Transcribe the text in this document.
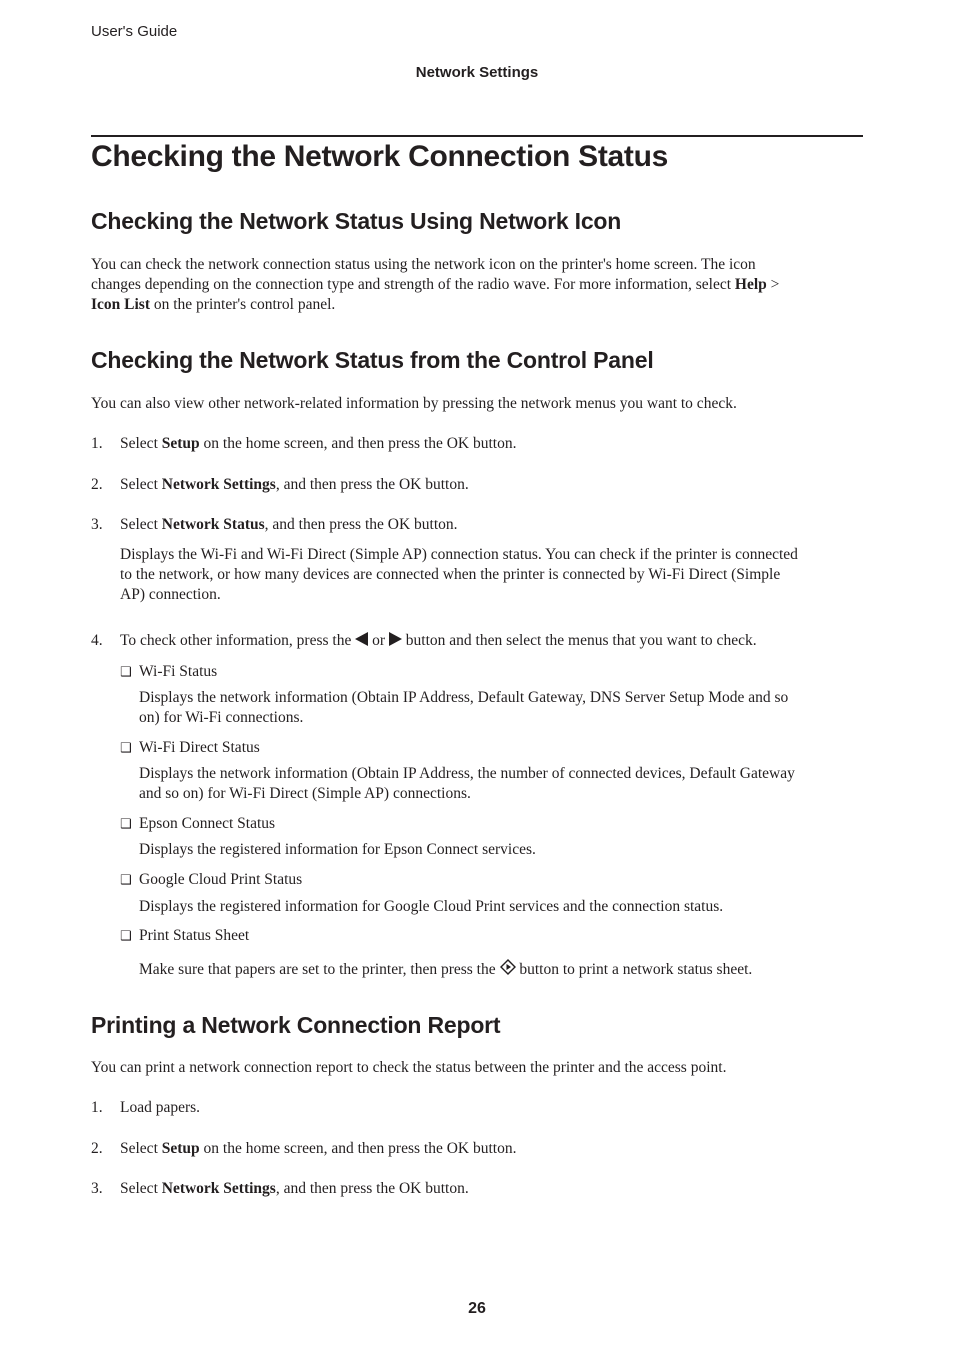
User's Guide
Network Settings
Checking the Network Connection Status
Checking the Network Status Using Network Icon
You can check the network connection status using the network icon on the printer's home screen. The icon
changes depending on the connection type and strength of the radio wave. For more information, select Help >
Icon List on the printer's control panel.
Checking the Network Status from the Control Panel
You can also view other network-related information by pressing the network menus you want to check.
1. Select Setup on the home screen, and then press the OK button.
2. Select Network Settings, and then press the OK button.
3. Select Network Status, and then press the OK button.
Displays the Wi-Fi and Wi-Fi Direct (Simple AP) connection status. You can check if the printer is connected
to the network, or how many devices are connected when the printer is connected by Wi-Fi Direct (Simple
AP) connection.
4. To check other information, press the  or  button and then select the menus that you want to check.
❑ Wi-Fi Status
Displays the network information (Obtain IP Address, Default Gateway, DNS Server Setup Mode and so
on) for Wi-Fi connections.
❑ Wi-Fi Direct Status
Displays the network information (Obtain IP Address, the number of connected devices, Default Gateway
and so on) for Wi-Fi Direct (Simple AP) connections.
❑ Epson Connect Status
Displays the registered information for Epson Connect services.
❑ Google Cloud Print Status
Displays the registered information for Google Cloud Print services and the connection status.
❑ Print Status Sheet
Make sure that papers are set to the printer, then press the  button to print a network status sheet.
Printing a Network Connection Report
You can print a network connection report to check the status between the printer and the access point.
1. Load papers.
2. Select Setup on the home screen, and then press the OK button.
3. Select Network Settings, and then press the OK button.
26
